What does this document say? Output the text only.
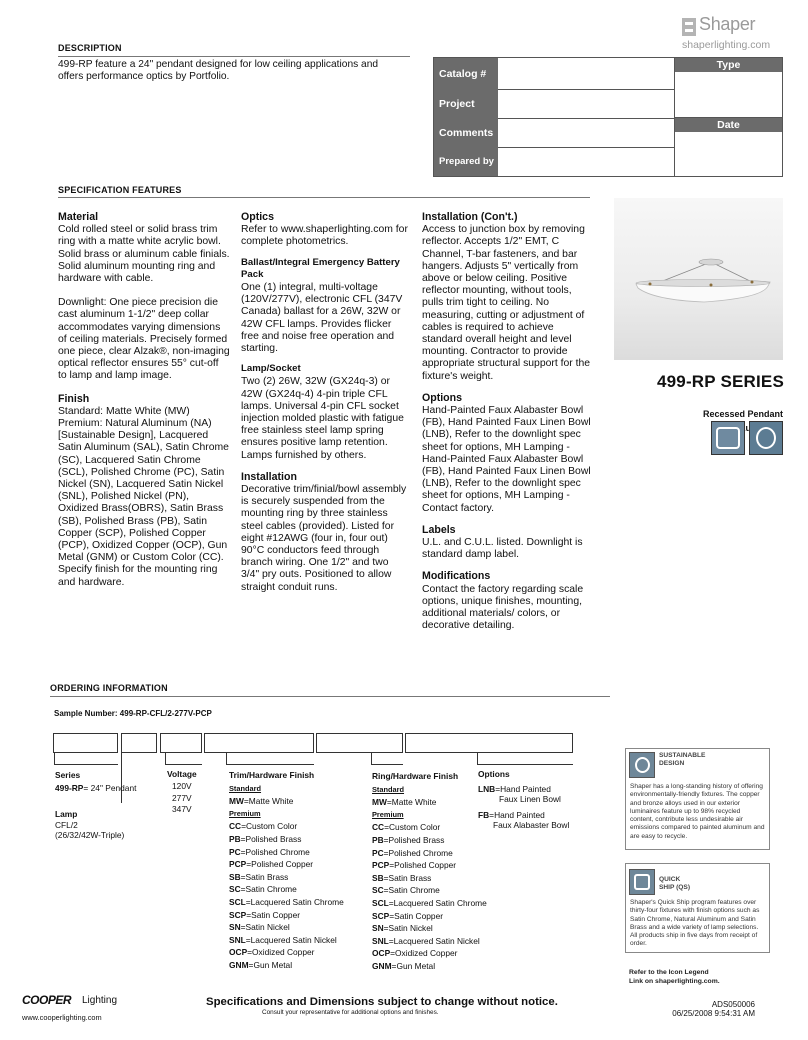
DESCRIPTION
499-RP feature a 24" pendant designed for low ceiling applications and offers performance optics by Portfolio.
Shaper
shaperlighting.com
Catalog #
Project
Comments
Prepared by
Type
Date
SPECIFICATION FEATURES
Material
Cold rolled steel or solid brass trim ring with a matte white acrylic bowl. Solid brass or aluminum cable finials. Solid aluminum mounting ring and hardware with cable.
Downlight: One piece precision die cast aluminum 1-1/2" deep collar accommodates varying dimensions of ceiling materials. Precisely formed one piece, clear Alzak®, non-imaging optical reflector ensures 55° cut-off to lamp and lamp image.
Finish
Standard: Matte White (MW) Premium: Natural Aluminum (NA) [Sustainable Design], Lacquered Satin Aluminum (SAL), Satin Chrome (SC), Lacquered Satin Chrome (SCL), Polished Chrome (PC), Satin Nickel (SN), Lacquered Satin Nickel (SNL), Polished Nickel (PN), Oxidized Brass(OBRS), Satin Brass (SB), Polished Brass (PB), Satin Copper (SCP), Polished Copper (PCP), Oxidized Copper (OCP), Gun Metal (GNM) or Custom Color (CC). Specify finish for the mounting ring and hardware.
Optics
Refer to www.shaperlighting.com for complete photometrics.
Ballast/Integral Emergency Battery Pack
One (1) integral, multi-voltage (120V/277V), electronic CFL (347V Canada) ballast for a 26W, 32W or 42W CFL lamps. Provides flicker free and noise free operation and starting.
Lamp/Socket
Two (2) 26W, 32W (GX24q-3) or 42W (GX24q-4) 4-pin triple CFL lamps. Universal 4-pin CFL socket injection molded plastic with fatigue free stainless steel lamp spring ensures positive lamp retention. Lamps furnished by others.
Installation
Decorative trim/finial/bowl assembly is securely suspended from the mounting ring by three stainless steel cables (provided). Listed for eight #12AWG (four in, four out) 90°C conductors feed through branch wiring. One 1/2" and two 3/4" pry outs. Positioned to allow straight conduit runs.
Installation (Con't.)
Access to junction box by removing reflector. Accepts 1/2" EMT, C Channel, T-bar fasteners, and bar hangers. Adjusts 5" vertically from above or below ceiling. Positive reflector mounting, without tools, pulls trim tight to ceiling. No measuring, cutting or adjustment of cables is required to achieve standard overall height and level mounting. Contractor to provide appropriate structural support for the fixture's weight.
Options
Hand-Painted Faux Alabaster Bowl (FB), Hand Painted Faux Linen Bowl (LNB), Refer to the downlight spec sheet for options, MH Lamping - Hand-Painted Faux Alabaster Bowl (FB), Hand Painted Faux Linen Bowl (LNB), Refer to the downlight spec sheet for options, MH Lamping - Contact factory.
Labels
U.L. and C.U.L. listed. Downlight is standard damp label.
Modifications
Contact the factory regarding scale options, unique finishes, mounting, additional materials/ colors, or decorative detailing.
499-RP SERIES
Recessed Pendant
ORDERING INFORMATION
Sample Number: 499-RP-CFL/2-277V-PCP
Series
499-RP= 24" Pendant
Lamp
CFL/2
(26/32/42W-Triple)
Voltage
120V
277V
347V
Trim/Hardware Finish
Standard
MW=Matte White
Premium
CC=Custom Color
PB=Polished Brass
PC=Polished Chrome
PCP=Polished Copper
SB=Satin Brass
SC=Satin Chrome
SCL=Lacquered Satin Chrome
SCP=Satin Copper
SN=Satin Nickel
SNL=Lacquered Satin Nickel
OCP=Oxidized Copper
GNM=Gun Metal
Ring/Hardware Finish
Standard
MW=Matte White
Premium
CC=Custom Color
PB=Polished Brass
PC=Polished Chrome
PCP=Polished Copper
SB=Satin Brass
SC=Satin Chrome
SCL=Lacquered Satin Chrome
SCP=Satin Copper
SN=Satin Nickel
SNL=Lacquered Satin Nickel
OCP=Oxidized Copper
GNM=Gun Metal
Options
LNB=Hand Painted
Faux Linen Bowl
FB=Hand Painted
Faux Alabaster Bowl
SUSTAINABLE
DESIGN
Shaper has a long-standing history of offering environmentally-friendly fixtures. The copper and bronze alloys used in our exterior luminaires feature up to 98% recycled content, contribute less undesirable air emissions compared to painted aluminum and are easy to recycle.
QUICK
SHIP (QS)
Shaper's Quick Ship program features over thirty-four fixtures with finish options such as Satin Chrome, Natural Aluminum and Satin Brass and a wide variety of lamp selections. All products ship in five days from receipt of order.
Refer to the Icon Legend
Link on shaperlighting.com.
COOPER Lighting
www.cooperlighting.com
Specifications and Dimensions subject to change without notice.
Consult your representative for additional options and finishes.
ADS050006
06/25/2008 9:54:31 AM
